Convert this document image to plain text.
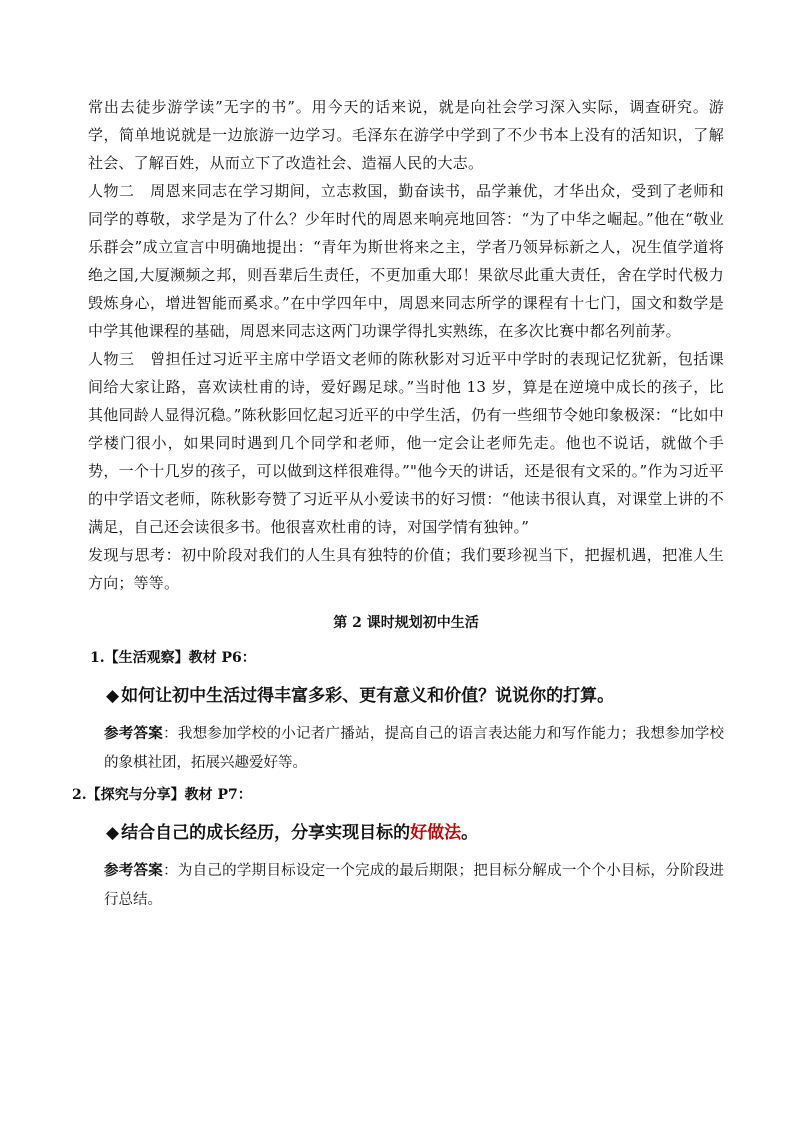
常出去徒步游学读”无字的书”。用今天的话来说，就是向社会学习深入实际，调查研究。游学，简单地说就是一边旅游一边学习。毛泽东在游学中学到了不少书本上没有的活知识，了解社会、了解百姓，从而立下了改造社会、造福人民的大志。

人物二　周恩来同志在学习期间，立志救国，勤奋读书，品学兼优，才华出众，受到了老师和同学的尊敬，求学是为了什么？少年时代的周恩来响亮地回答：“为了中华之崛起。”他在“敬业乐群会”成立宣言中明确地提出：“青年为斯世将来之主，学者乃领异标新之人，况生值学道将绝之国,大厦濒频之邦，则吾辈后生责任，不更加重大耶！果欲尽此重大责任，舍在学时代极力毁炼身心，增进智能而奚求。”在中学四年中，周恩来同志所学的课程有十七门，国文和数学是中学其他课程的基础，周恩来同志这两门功课学得扎实熟练，在多次比赛中都名列前茅。

人物三　曾担任过习近平主席中学语文老师的陈秋影对习近平中学时的表现记忆犹新，包括课间给大家让路，喜欢读杜甫的诗，爱好踢足球。”当时他 13 岁，算是在逆境中成长的孩子，比其他同龄人显得沉稳。”陈秋影回忆起习近平的中学生活，仍有一些细节令她印象极深：“比如中学楼门很小，如果同时遇到几个同学和老师，他一定会让老师先走。他也不说话，就做个手势，一个十几岁的孩子，可以做到这样很难得。”"他今天的讲话，还是很有文采的。”作为习近平的中学语文老师，陈秋影夸赞了习近平从小爱读书的好习惯：“他读书很认真，对课堂上讲的不满足，自己还会读很多书。他很喜欢杜甫的诗，对国学情有独钟。”

发现与思考：初中阶段对我们的人生具有独特的价值；我们要珍视当下，把握机遇，把准人生方向；等等。

第 2 课时规划初中生活

1.【生活观察】教材 P6：

◆ 如何让初中生活过得丰富多彩、更有意义和价值？说说你的打算。

参考答案：我想参加学校的小记者广播站，提高自己的语言表达能力和写作能力；我想参加学校的象棋社团，拓展兴趣爱好等。

2.【探究与分享】教材 P7：

◆ 结合自己的成长经历，分享实现目标的好做法。

参考答案：为自己的学期目标设定一个完成的最后期限；把目标分解成一个个小目标，分阶段进行总结。
